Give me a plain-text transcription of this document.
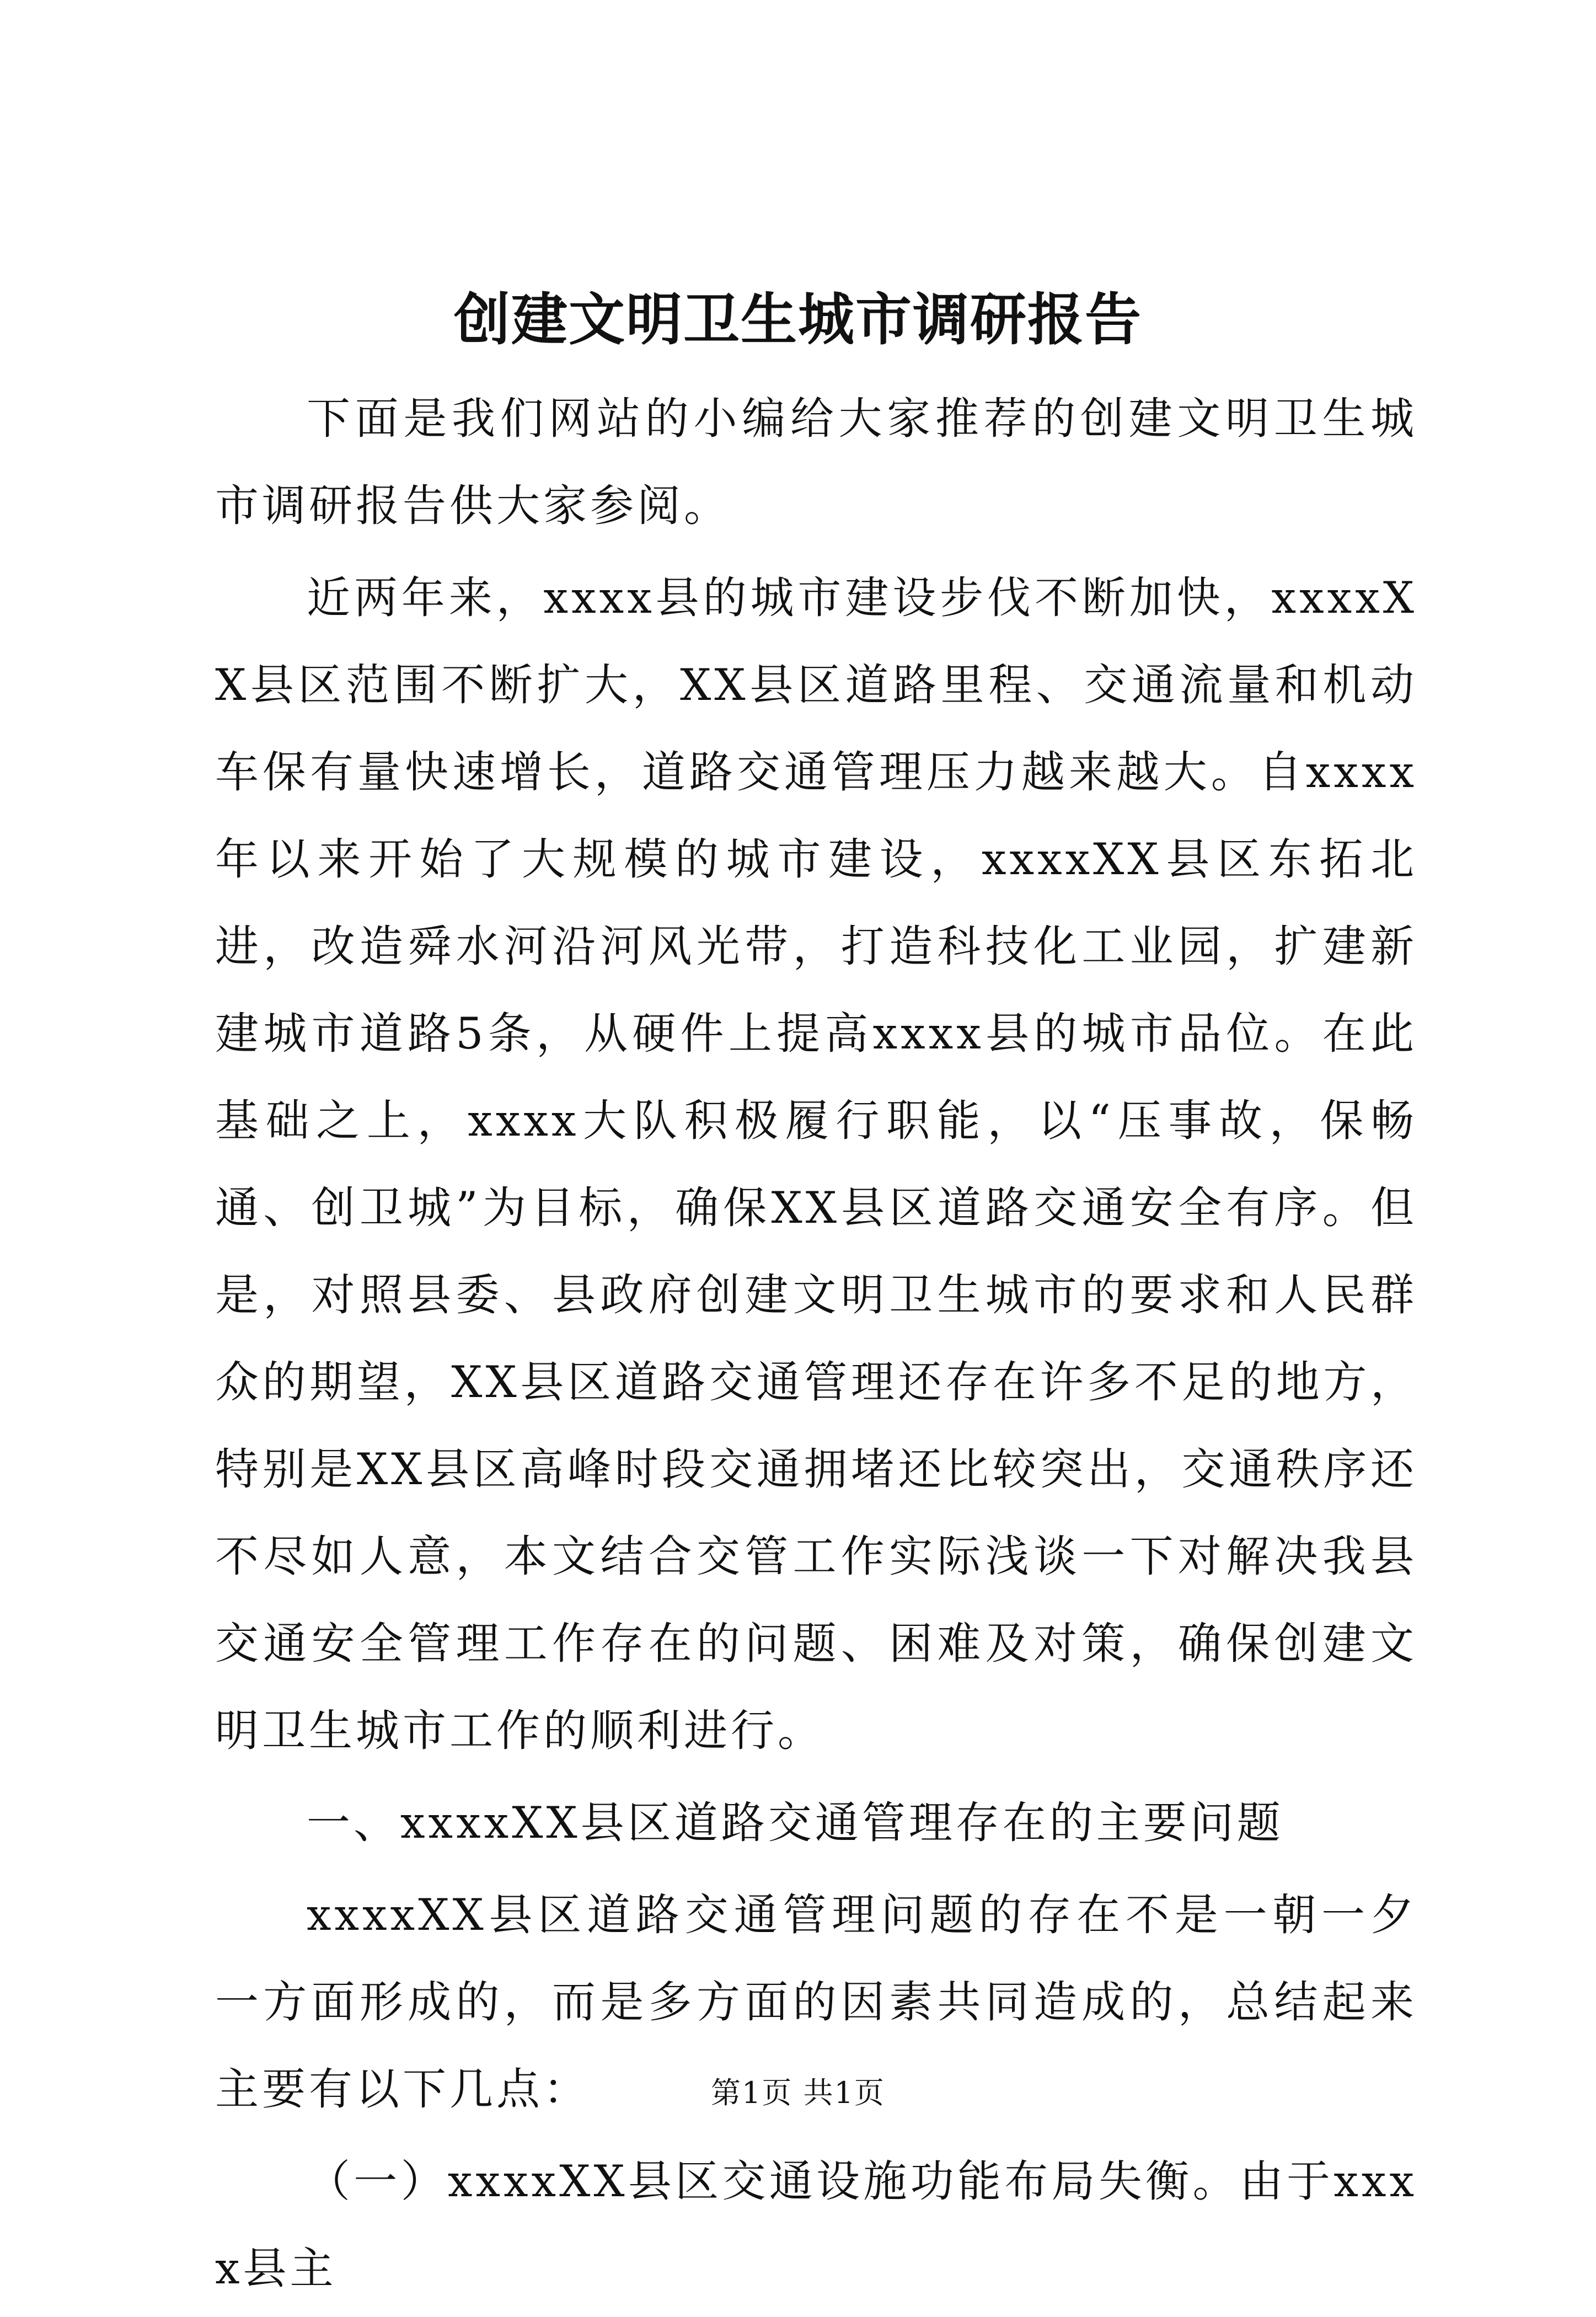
创建文明卫生城市调研报告

下面是我们网站的小编给大家推荐的创建文明卫生城市调研报告供大家参阅。

近两年来，xxxx县的城市建设步伐不断加快，xxxxXX县区范围不断扩大，XX县区道路里程、交通流量和机动车保有量快速增长，道路交通管理压力越来越大。自xxxx年以来开始了大规模的城市建设，xxxxXX县区东拓北进，改造舜水河沿河风光带，打造科技化工业园，扩建新建城市道路5条，从硬件上提高xxxx县的城市品位。在此基础之上，xxxx大队积极履行职能，以“压事故，保畅通、创卫城”为目标，确保XX县区道路交通安全有序。但是，对照县委、县政府创建文明卫生城市的要求和人民群众的期望，XX县区道路交通管理还存在许多不足的地方，特别是XX县区高峰时段交通拥堵还比较突出，交通秩序还不尽如人意，本文结合交管工作实际浅谈一下对解决我县交通安全管理工作存在的问题、困难及对策，确保创建文明卫生城市工作的顺利进行。

一、xxxxXX县区道路交通管理存在的主要问题

xxxxXX县区道路交通管理问题的存在不是一朝一夕一方面形成的，而是多方面的因素共同造成的，总结起来主要有以下几点：

（一）xxxxXX县区交通设施功能布局失衡。由于xxxx县主

第1页 共1页
